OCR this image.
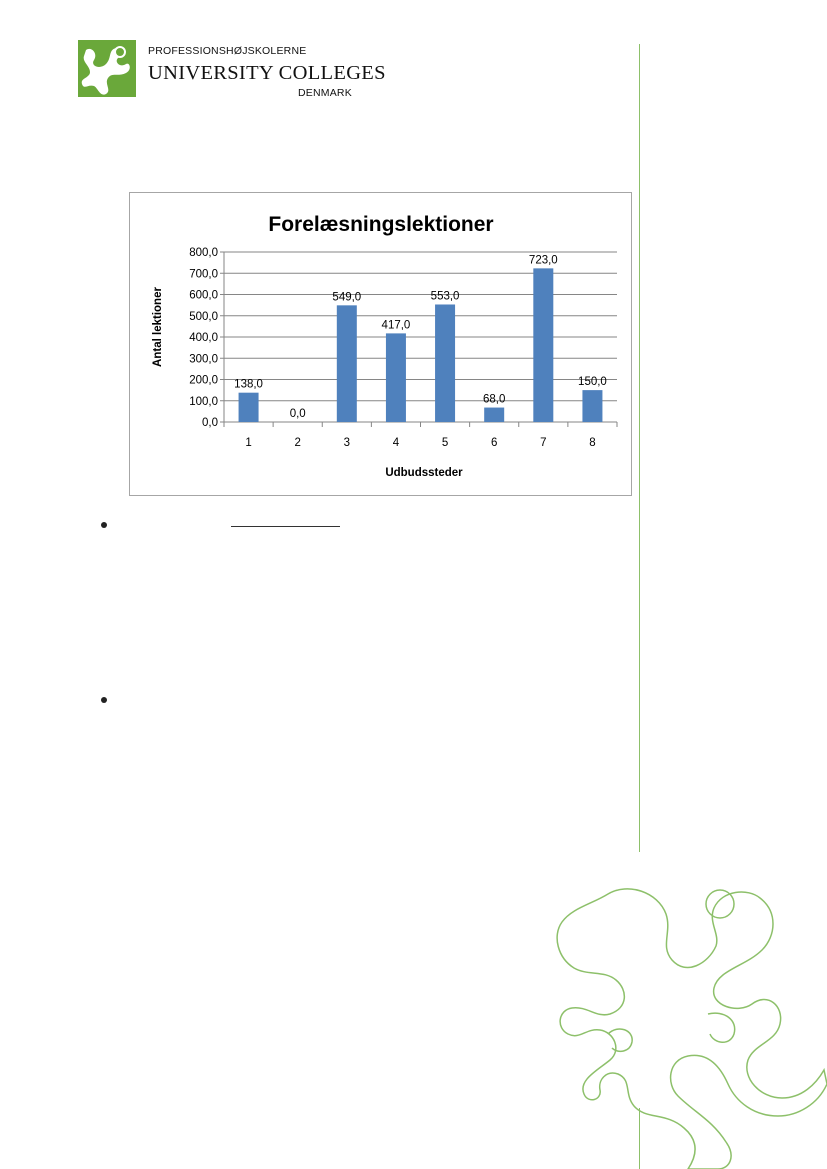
PROFESSIONSHØJSKOLERNE
UNIVERSITY COLLEGES
DENMARK
Forelæsningslektioner
0,0
100,0
200,0
300,0
400,0
500,0
600,0
700,0
800,0
138,0
0,0
549,0
417,0
553,0
68,0
723,0
150,0
1	2	3	4	5	6	7	8
Antal lektioner
Udbudssteder
